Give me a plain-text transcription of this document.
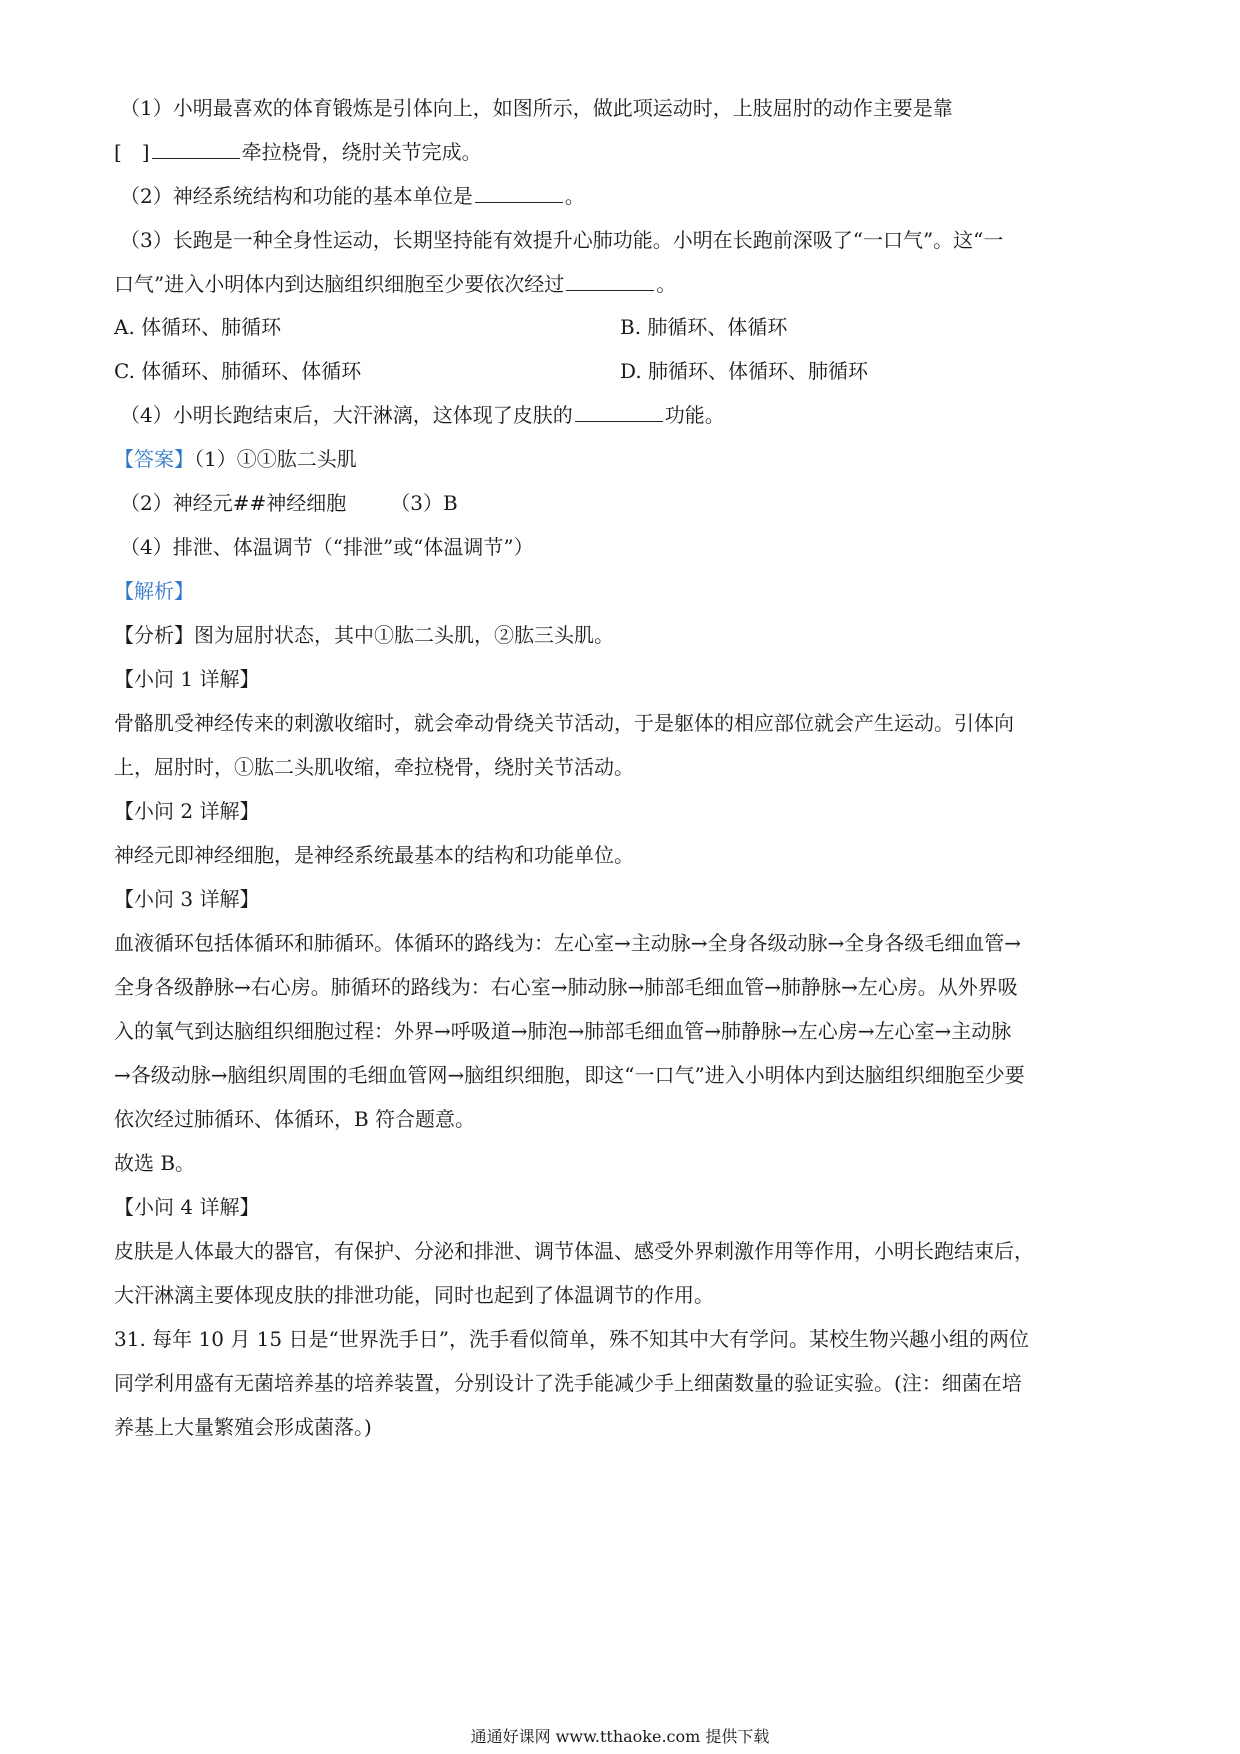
（1）小明最喜欢的体育锻炼是引体向上，如图所示，做此项运动时，上肢屈肘的动作主要是靠
[　]	牵拉桡骨，绕肘关节完成。
（2）神经系统结构和功能的基本单位是	。
（3）长跑是一种全身性运动，长期坚持能有效提升心肺功能。小明在长跑前深吸了“一口气”。这“一
口气”进入小明体内到达脑组织细胞至少要依次经过	。
A. 体循环、肺循环	B. 肺循环、体循环
C. 体循环、肺循环、体循环	D. 肺循环、体循环、肺循环
（4）小明长跑结束后，大汗淋漓，这体现了皮肤的	功能。
【答案】（1）①①肱二头肌
（2）神经元##神经细胞 （3）B
（4）排泄、体温调节（“排泄”或“体温调节”）
【解析】
【分析】图为屈肘状态，其中①肱二头肌，②肱三头肌。
【小问 1 详解】
骨骼肌受神经传来的刺激收缩时，就会牵动骨绕关节活动，于是躯体的相应部位就会产生运动。引体向
上，屈肘时，①肱二头肌收缩，牵拉桡骨，绕肘关节活动。
【小问 2 详解】
神经元即神经细胞，是神经系统最基本的结构和功能单位。
【小问 3 详解】
血液循环包括体循环和肺循环。体循环的路线为：左心室→主动脉→全身各级动脉→全身各级毛细血管→
全身各级静脉→右心房。肺循环的路线为：右心室→肺动脉→肺部毛细血管→肺静脉→左心房。从外界吸
入的氧气到达脑组织细胞过程：外界→呼吸道→肺泡→肺部毛细血管→肺静脉→左心房→左心室→主动脉
→各级动脉→脑组织周围的毛细血管网→脑组织细胞，即这“一口气”进入小明体内到达脑组织细胞至少要
依次经过肺循环、体循环，B 符合题意。
故选 B。
【小问 4 详解】
皮肤是人体最大的器官，有保护、分泌和排泄、调节体温、感受外界刺激作用等作用，小明长跑结束后，
大汗淋漓主要体现皮肤的排泄功能，同时也起到了体温调节的作用。
31. 每年 10 月 15 日是“世界洗手日”，洗手看似简单，殊不知其中大有学问。某校生物兴趣小组的两位
同学利用盛有无菌培养基的培养装置，分别设计了洗手能减少手上细菌数量的验证实验。(注：细菌在培
养基上大量繁殖会形成菌落。)
通通好课网 www.tthaoke.com 提供下载
